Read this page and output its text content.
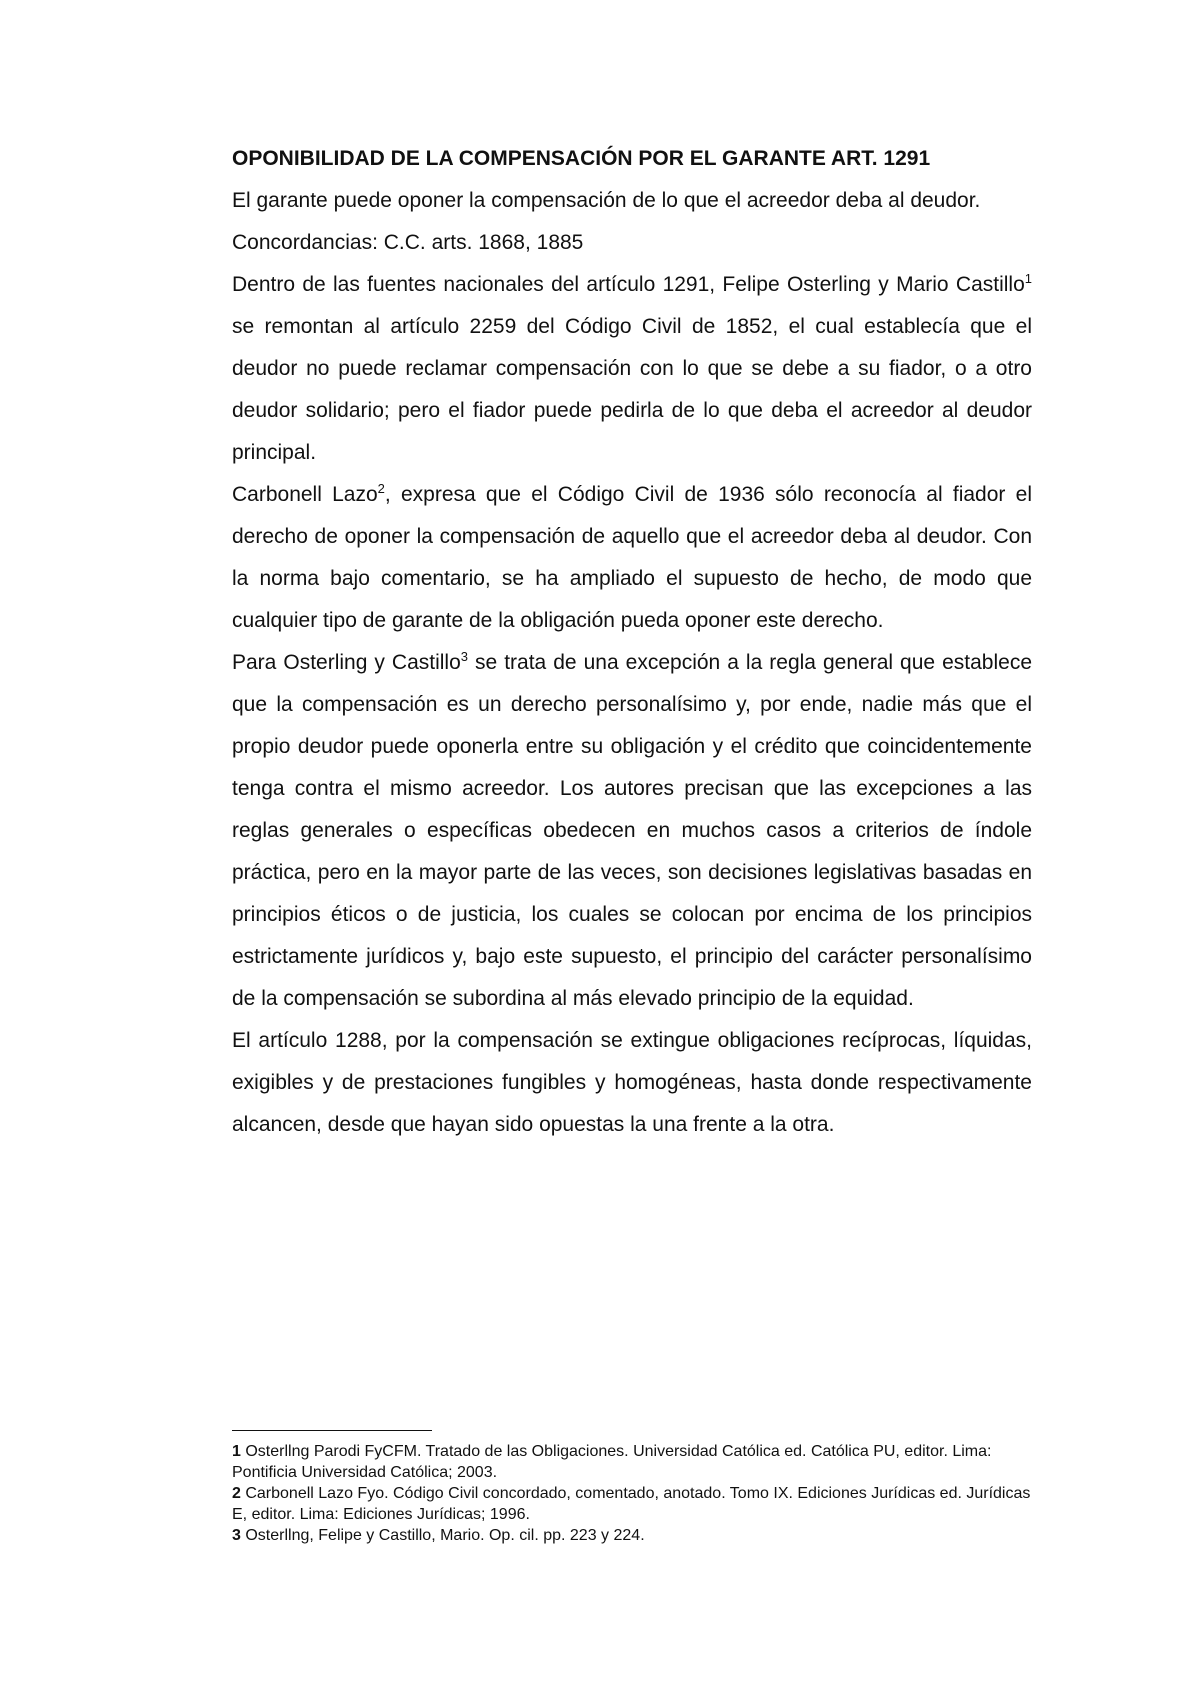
OPONIBILIDAD DE LA COMPENSACIÓN POR EL GARANTE ART. 1291

El garante puede oponer la compensación de lo que el acreedor deba al deudor.

Concordancias: C.C. arts. 1868, 1885

Dentro de las fuentes nacionales del artículo 1291, Felipe Osterling y Mario Castillo$^1$ se remontan al artículo 2259 del Código Civil de 1852, el cual establecía que el deudor no puede reclamar compensación con lo que se debe a su fiador, o a otro deudor solidario; pero el fiador puede pedirla de lo que deba el acreedor al deudor principal.

Carbonell Lazo$^2$, expresa que el Código Civil de 1936 sólo reconocía al fiador el derecho de oponer la compensación de aquello que el acreedor deba al deudor. Con la norma bajo comentario, se ha ampliado el supuesto de hecho, de modo que cualquier tipo de garante de la obligación pueda oponer este derecho.

Para Osterling y Castillo$^3$ se trata de una excepción a la regla general que establece que la compensación es un derecho personalísimo y, por ende, nadie más que el propio deudor puede oponerla entre su obligación y el crédito que coincidentemente tenga contra el mismo acreedor. Los autores precisan que las excepciones a las reglas generales o específicas obedecen en muchos casos a criterios de índole práctica, pero en la mayor parte de las veces, son decisiones legislativas basadas en principios éticos o de justicia, los cuales se colocan por encima de los principios estrictamente jurídicos y, bajo este supuesto, el principio del carácter personalísimo de la compensación se subordina al más elevado principio de la equidad.

El artículo 1288, por la compensación se extingue obligaciones recíprocas, líquidas, exigibles y de prestaciones fungibles y homogéneas, hasta donde respectivamente alcancen, desde que hayan sido opuestas la una frente a la otra.

1 Osterllng Parodi FyCFM. Tratado de las Obligaciones. Universidad Católica ed. Católica PU, editor. Lima: Pontificia Universidad Católica; 2003.

2 Carbonell Lazo Fyo. Código Civil concordado, comentado, anotado. Tomo IX. Ediciones Jurídicas ed. Jurídicas E, editor. Lima: Ediciones Jurídicas; 1996.

3 Osterllng, Felipe y Castillo, Mario. Op. cil. pp. 223 y 224.
